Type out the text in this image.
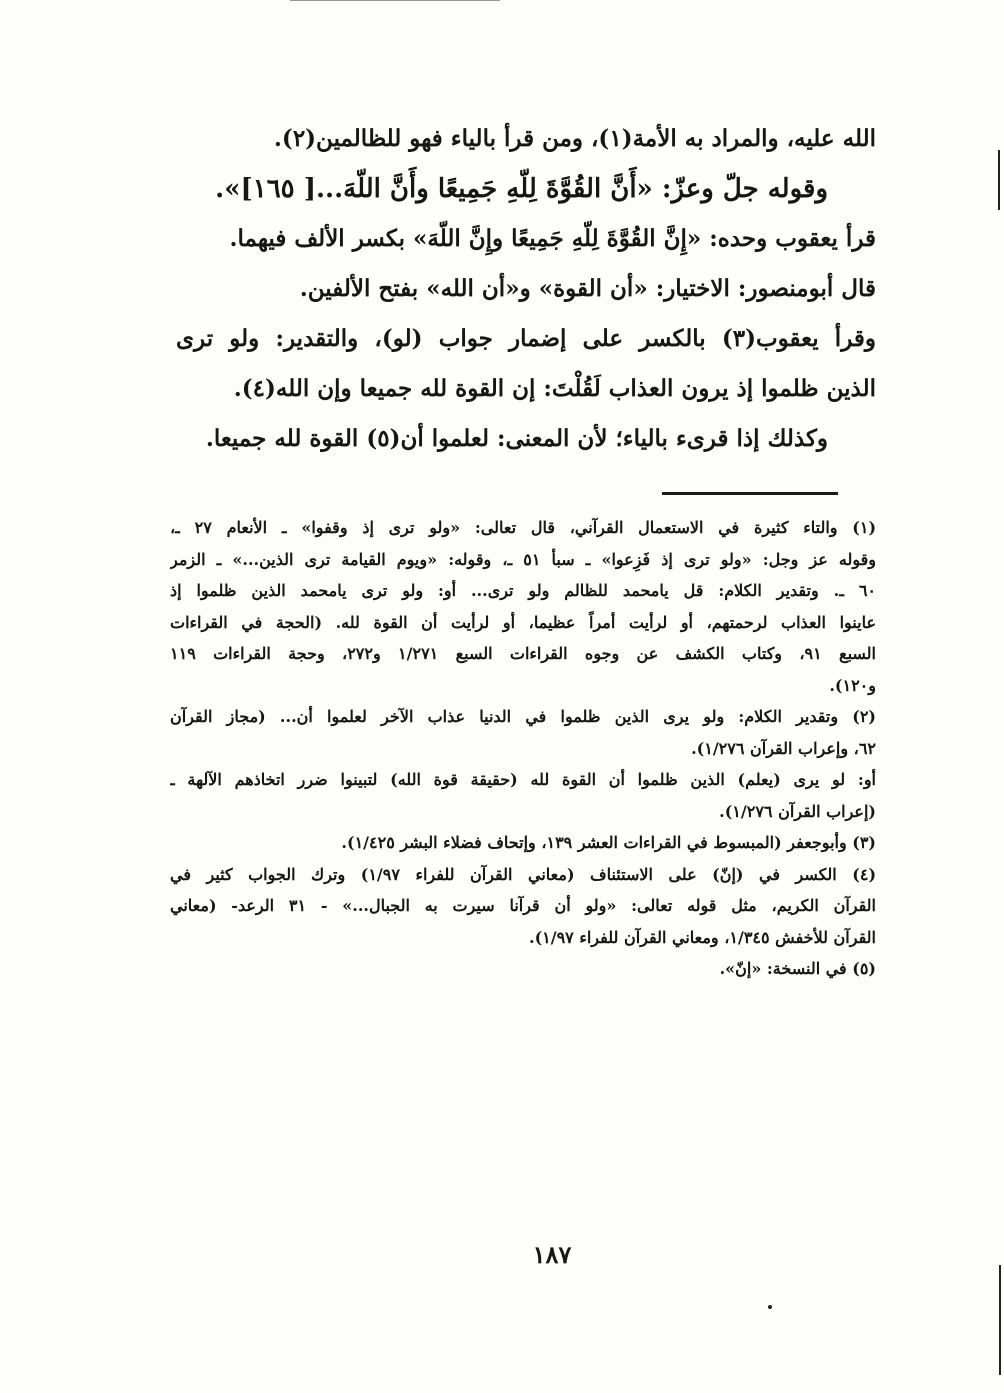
الله عليه، والمراد به الأمة(١)، ومن قرأ بالياء فهو للظالمين(٢).
وقوله جلّ وعزّ: «أَنَّ القُوَّةَ لِلّهِ جَمِيعًا وأَنَّ اللّهَ...[ ١٦٥]».
قرأ يعقوب وحده: «إِنَّ القُوَّةَ لِلّهِ جَمِيعًا وإِنَّ اللّهَ» بكسر الألف فيهما.
قال أبومنصور: الاختيار: «أن القوة» و«أن الله» بفتح الألفين.
وقرأ يعقوب(٣) بالكسر على إضمار جواب (لو)، والتقدير: ولو ترى
الذين ظلموا إذ يرون العذاب لَقُلْتَ: إن القوة لله جميعا وإن الله(٤).
وكذلك إذا قرىء بالياء؛ لأن المعنى: لعلموا أن(٥) القوة لله جميعا.
(١) والتاء كثيرة في الاستعمال القرآني، قال تعالى: «ولو ترى إذ وقفوا» ـ الأنعام ٢٧ ـ،
وقوله عز وجل: «ولو ترى إذ فَزِعوا» ـ سبأ ٥١ ـ، وقوله: «ويوم القيامة ترى الذين...» ـ الزمر
٦٠ ـ. وتقدير الكلام: قل يامحمد للظالم ولو ترى... أو: ولو ترى يامحمد الذين ظلموا إذ
عاينوا العذاب لرحمتهم، أو لرأيت أمراً عظيما، أو لرأيت أن القوة لله. (الحجة في القراءات
السبع ٩١، وكتاب الكشف عن وجوه القراءات السبع ١/٢٧١ و٢٧٢، وحجة القراءات ١١٩
و١٢٠).
(٢) وتقدير الكلام: ولو يرى الذين ظلموا في الدنيا عذاب الآخر لعلموا أن... (مجاز القرآن
٦٢، وإعراب القرآن ١/٢٧٦).
أو: لو يرى (يعلم) الذين ظلموا أن القوة لله (حقيقة قوة الله) لتبينوا ضرر اتخاذهم الآلهة ـ
(إعراب القرآن ١/٢٧٦).
(٣) وأبوجعفر (المبسوط في القراءات العشر ١٣٩، وإتحاف فضلاء البشر ١/٤٢٥).
(٤) الكسر في (إنّ) على الاستئناف (معاني القرآن للفراء ١/٩٧) وترك الجواب كثير في
القرآن الكريم، مثل قوله تعالى: «ولو أن قرآنا سيرت به الجبال...» - ٣١ الرعد- (معاني
القرآن للأخفش ١/٣٤٥، ومعاني القرآن للفراء ١/٩٧).
(٥) في النسخة: «إنّ».
١٨٧
